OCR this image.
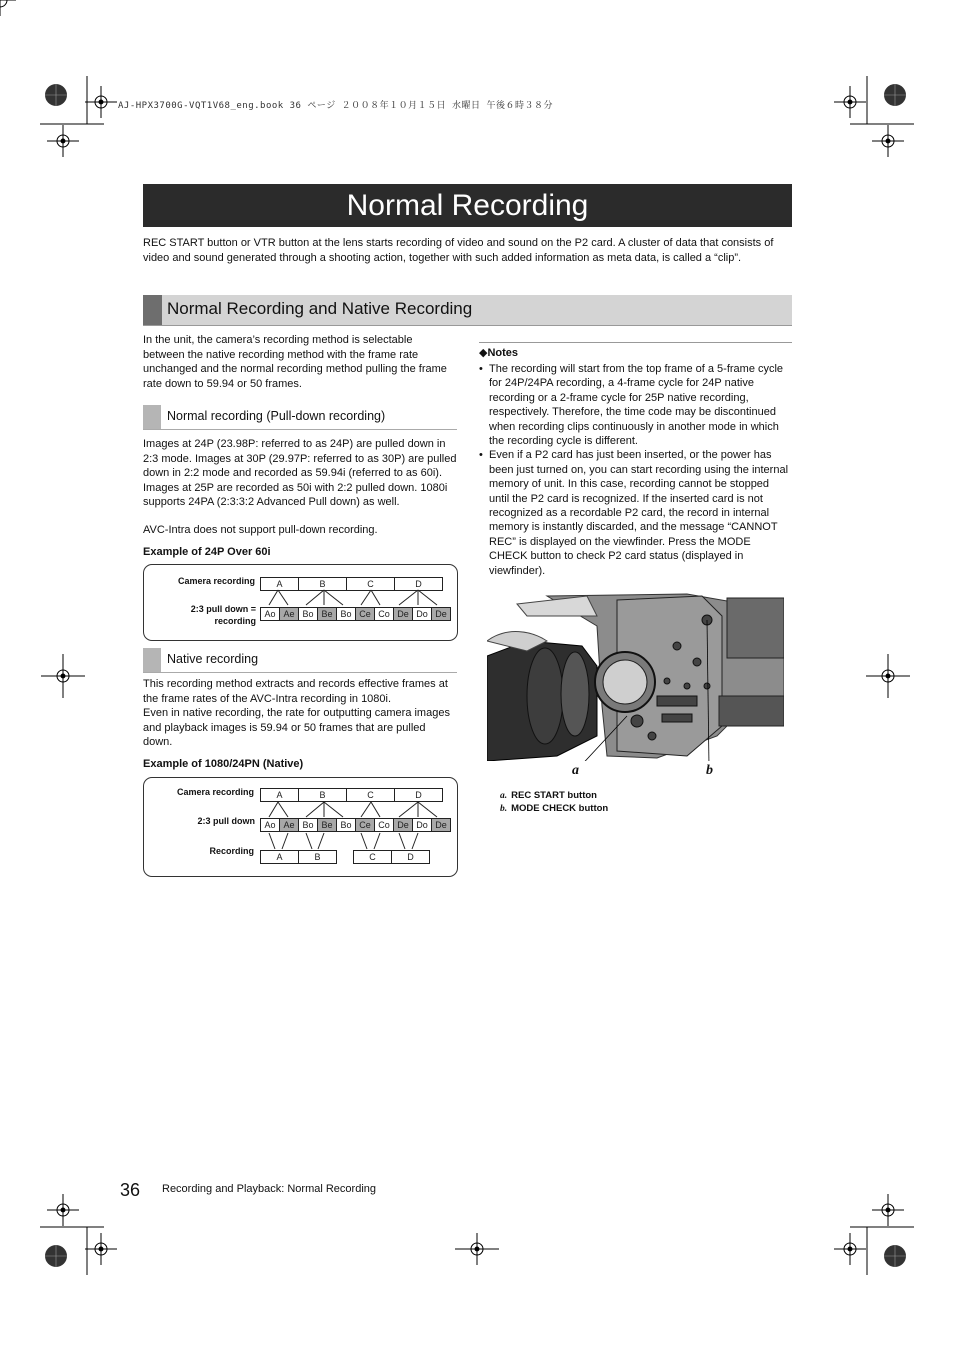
AJ-HPX3700G-VQT1V68_eng.book 36 ページ ２００８年１０月１５日 水曜日 午後６時３８分
Normal Recording
REC START button or VTR button at the lens starts recording of video and sound on the P2 card. A cluster of data that consists of video and sound generated through a shooting action, together with such added information as meta data, is called a “clip”.
Normal Recording and Native Recording
In the unit, the camera’s recording method is selectable between the native recording method with the frame rate unchanged and the normal recording method pulling the frame rate down to 59.94 or 50 frames.
Normal recording (Pull-down recording)
Images at 24P (23.98P: referred to as 24P) are pulled down in 2:3 mode. Images at 30P (29.97P: referred to as 30P) are pulled down in 2:2 mode and recorded as 59.94i (referred to as 60i). Images at 25P are recorded as 50i with 2:2 pulled down. 1080i supports 24PA (2:3:3:2 Advanced Pull down) as well.
AVC-Intra does not support pull-down recording.
Example of 24P Over 60i
Camera recording
2:3 pull down =
recording
A	B	C	D
Ao Ae Bo Be Bo Ce Co De Do De
Native recording
This recording method extracts and records effective frames at the frame rates of the AVC-Intra recording in 1080i.
Even in native recording, the rate for outputting camera images and playback images is 59.94 or 50 frames that are pulled down.
Example of 1080/24PN (Native)
Camera recording
2:3 pull down
Recording
A	B	C	D
Ao Ae Bo Be Bo Ce Co De Do De
A	B	C	D
◆Notes
• The recording will start from the top frame of a 5-frame cycle for 24P/24PA recording, a 4-frame cycle for 24P native recording or a 2-frame cycle for 25P native recording, respectively. Therefore, the time code may be discontinued when recording clips continuously in another mode in which the recording cycle is different.
• Even if a P2 card has just been inserted, or the power has been just turned on, you can start recording using the internal memory of unit. In this case, recording cannot be stopped until the P2 card is recognized. If the inserted card is not recognized as a recordable P2 card, the record in internal memory is instantly discarded, and the message “CANNOT REC” is displayed on the viewfinder. Press the MODE CHECK button to check P2 card status (displayed in viewfinder).
a	b
a. REC START button
b. MODE CHECK button
36 Recording and Playback: Normal Recording
